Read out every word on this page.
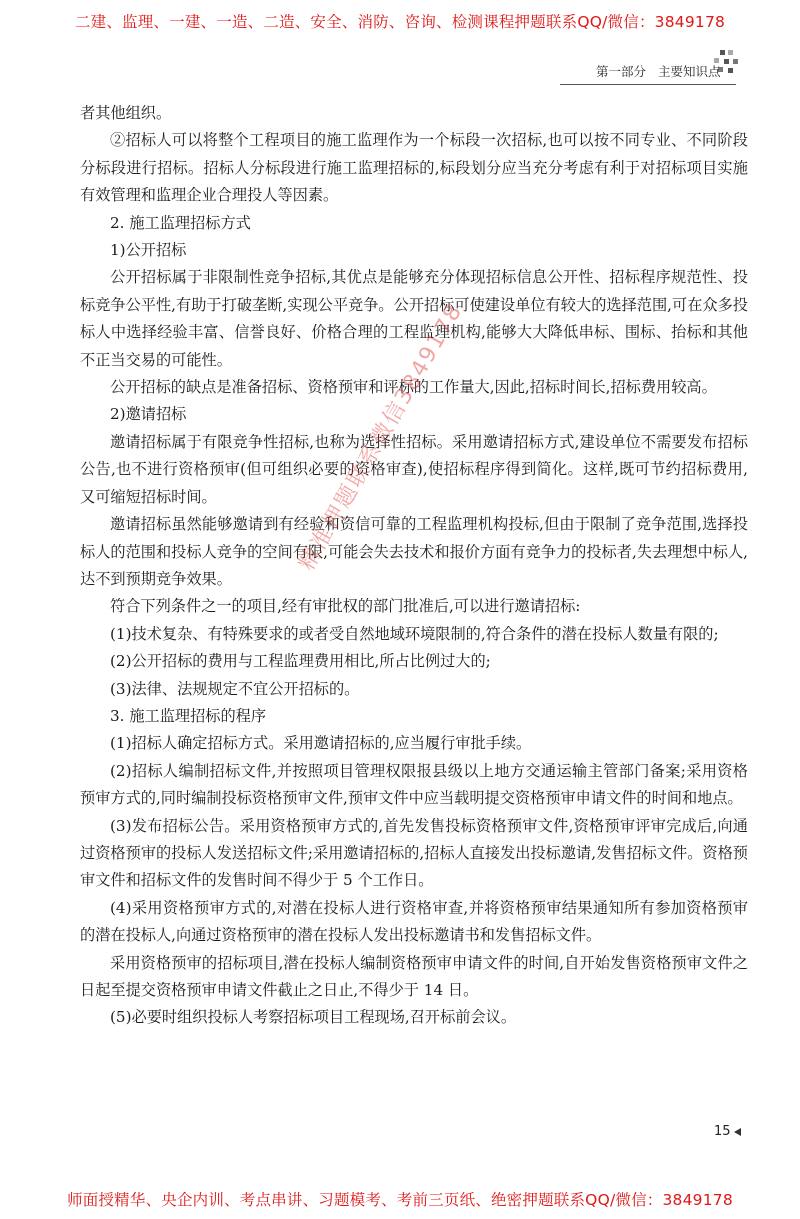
二建、监理、一建、一造、二造、安全、消防、咨询、检测课程押题联系QQ/微信：3849178
第一部分 主要知识点

者其他组织。

②招标人可以将整个工程项目的施工监理作为一个标段一次招标,也可以按不同专业、不同阶段分标段进行招标。招标人分标段进行施工监理招标的,标段划分应当充分考虑有利于对招标项目实施有效管理和监理企业合理投人等因素。

2. 施工监理招标方式

1)公开招标

公开招标属于非限制性竞争招标,其优点是能够充分体现招标信息公开性、招标程序规范性、投标竞争公平性,有助于打破垄断,实现公平竞争。公开招标可使建设单位有较大的选择范围,可在众多投标人中选择经验丰富、信誉良好、价格合理的工程监理机构,能够大大降低串标、围标、抬标和其他不正当交易的可能性。

公开招标的缺点是准备招标、资格预审和评标的工作量大,因此,招标时间长,招标费用较高。

2)邀请招标

邀请招标属于有限竞争性招标,也称为选择性招标。采用邀请招标方式,建设单位不需要发布招标公告,也不进行资格预审(但可组织必要的资格审查),使招标程序得到简化。这样,既可节约招标费用,又可缩短招标时间。

邀请招标虽然能够邀请到有经验和资信可靠的工程监理机构投标,但由于限制了竞争范围,选择投标人的范围和投标人竞争的空间有限,可能会失去技术和报价方面有竞争力的投标者,失去理想中标人,达不到预期竞争效果。

符合下列条件之一的项目,经有审批权的部门批准后,可以进行邀请招标:

(1)技术复杂、有特殊要求的或者受自然地域环境限制的,符合条件的潜在投标人数量有限的;

(2)公开招标的费用与工程监理费用相比,所占比例过大的;

(3)法律、法规规定不宜公开招标的。

3. 施工监理招标的程序

(1)招标人确定招标方式。采用邀请招标的,应当履行审批手续。

(2)招标人编制招标文件,并按照项目管理权限报县级以上地方交通运输主管部门备案;采用资格预审方式的,同时编制投标资格预审文件,预审文件中应当载明提交资格预审申请文件的时间和地点。

(3)发布招标公告。采用资格预审方式的,首先发售投标资格预审文件,资格预审评审完成后,向通过资格预审的投标人发送招标文件;采用邀请招标的,招标人直接发出投标邀请,发售招标文件。资格预审文件和招标文件的发售时间不得少于 5 个工作日。

(4)采用资格预审方式的,对潜在投标人进行资格审查,并将资格预审结果通知所有参加资格预审的潜在投标人,向通过资格预审的潜在投标人发出投标邀请书和发售招标文件。

采用资格预审的招标项目,潜在投标人编制资格预审申请文件的时间,自开始发售资格预审文件之日起至提交资格预审申请文件截止之日止,不得少于 14 日。

(5)必要时组织投标人考察招标项目工程现场,召开标前会议。

精准押题联系微信3849178
15
师面授精华、央企内训、考点串讲、习题模考、考前三页纸、绝密押题联系QQ/微信：3849178
